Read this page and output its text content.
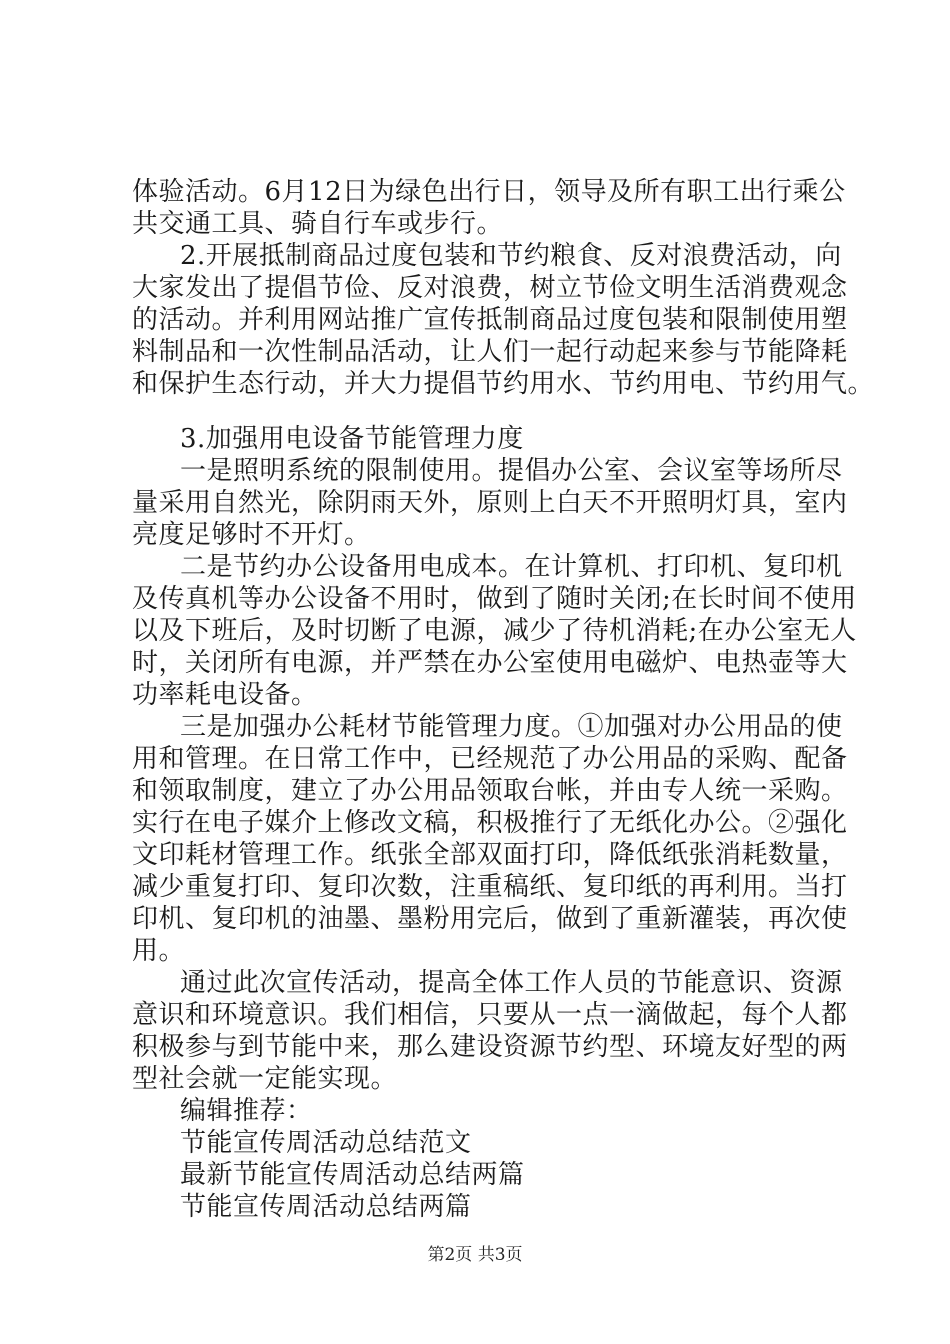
体验活动。6月12日为绿色出行日，领导及所有职工出行乘公
共交通工具、骑自行车或步行。
2.开展抵制商品过度包装和节约粮食、反对浪费活动，向
大家发出了提倡节俭、反对浪费，树立节俭文明生活消费观念
的活动。并利用网站推广宣传抵制商品过度包装和限制使用塑
料制品和一次性制品活动，让人们一起行动起来参与节能降耗
和保护生态行动，并大力提倡节约用水、节约用电、节约用气。
3.加强用电设备节能管理力度
一是照明系统的限制使用。提倡办公室、会议室等场所尽
量采用自然光，除阴雨天外，原则上白天不开照明灯具，室内
亮度足够时不开灯。
二是节约办公设备用电成本。在计算机、打印机、复印机
及传真机等办公设备不用时，做到了随时关闭;在长时间不使用
以及下班后，及时切断了电源，减少了待机消耗;在办公室无人
时，关闭所有电源，并严禁在办公室使用电磁炉、电热壶等大
功率耗电设备。
三是加强办公耗材节能管理力度。①加强对办公用品的使
用和管理。在日常工作中，已经规范了办公用品的采购、配备
和领取制度，建立了办公用品领取台帐，并由专人统一采购。
实行在电子媒介上修改文稿，积极推行了无纸化办公。②强化
文印耗材管理工作。纸张全部双面打印，降低纸张消耗数量，
减少重复打印、复印次数，注重稿纸、复印纸的再利用。当打
印机、复印机的油墨、墨粉用完后，做到了重新灌装，再次使
用。
通过此次宣传活动，提高全体工作人员的节能意识、资源
意识和环境意识。我们相信，只要从一点一滴做起，每个人都
积极参与到节能中来，那么建设资源节约型、环境友好型的两
型社会就一定能实现。
编辑推荐：
节能宣传周活动总结范文
最新节能宣传周活动总结两篇
节能宣传周活动总结两篇
第2页 共3页
